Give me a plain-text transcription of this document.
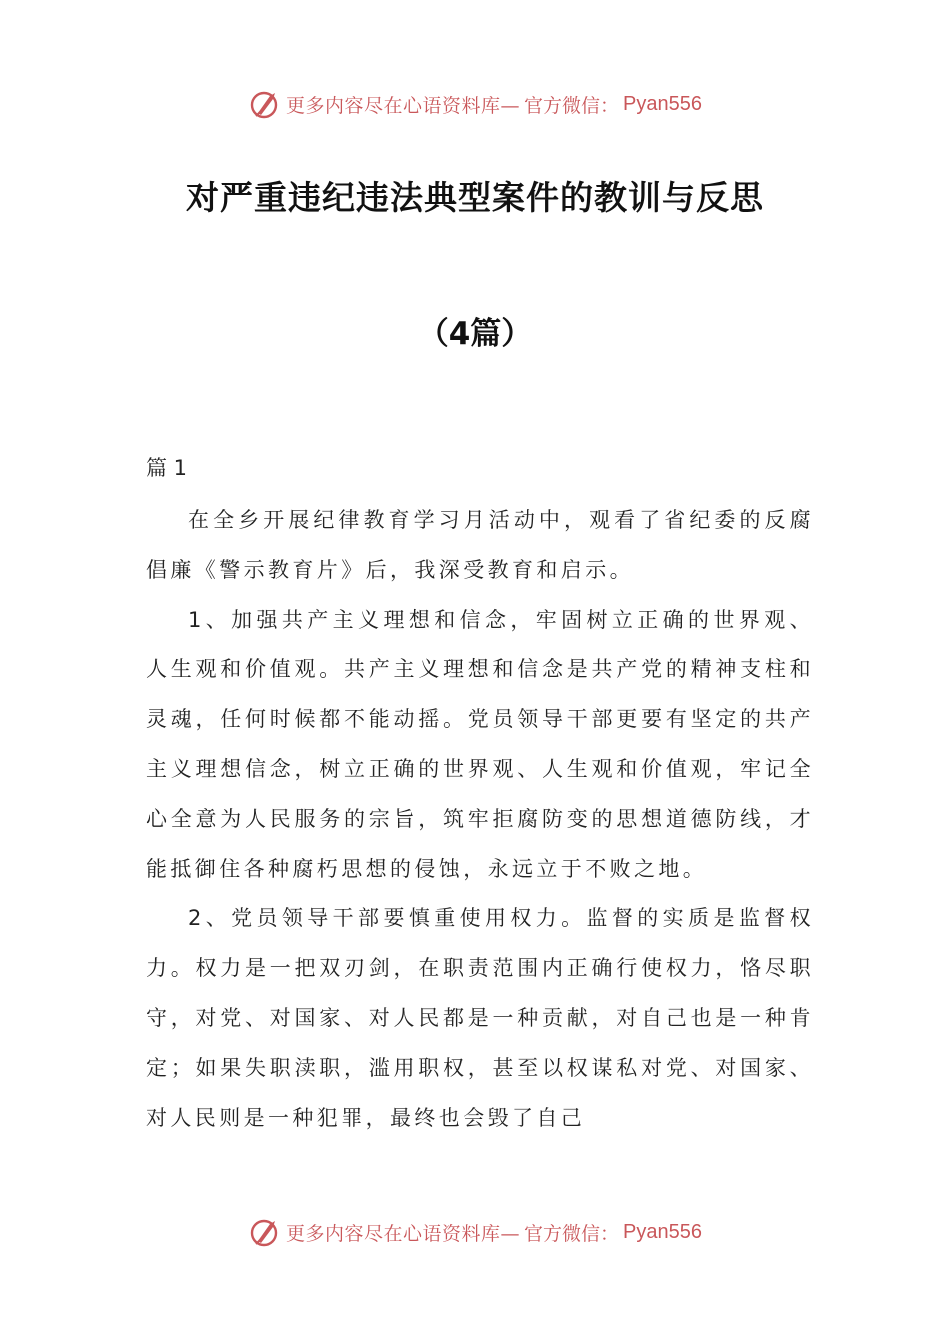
更多内容尽在心语资料库— 官方微信： Pyan556
对严重违纪违法典型案件的教训与反思
（4篇）
篇 1

在全乡开展纪律教育学习月活动中，观看了省纪委的反腐倡廉《警示教育片》后，我深受教育和启示。

1、加强共产主义理想和信念，牢固树立正确的世界观、人生观和价值观。共产主义理想和信念是共产党的精神支柱和灵魂，任何时候都不能动摇。党员领导干部更要有坚定的共产主义理想信念，树立正确的世界观、人生观和价值观，牢记全心全意为人民服务的宗旨，筑牢拒腐防变的思想道德防线，才能抵御住各种腐朽思想的侵蚀，永远立于不败之地。

2、党员领导干部要慎重使用权力。监督的实质是监督权力。权力是一把双刃剑，在职责范围内正确行使权力，恪尽职守，对党、对国家、对人民都是一种贡献，对自己也是一种肯定；如果失职渎职，滥用职权，甚至以权谋私对党、对国家、对人民则是一种犯罪，最终也会毁了自己

更多内容尽在心语资料库— 官方微信： Pyan556
